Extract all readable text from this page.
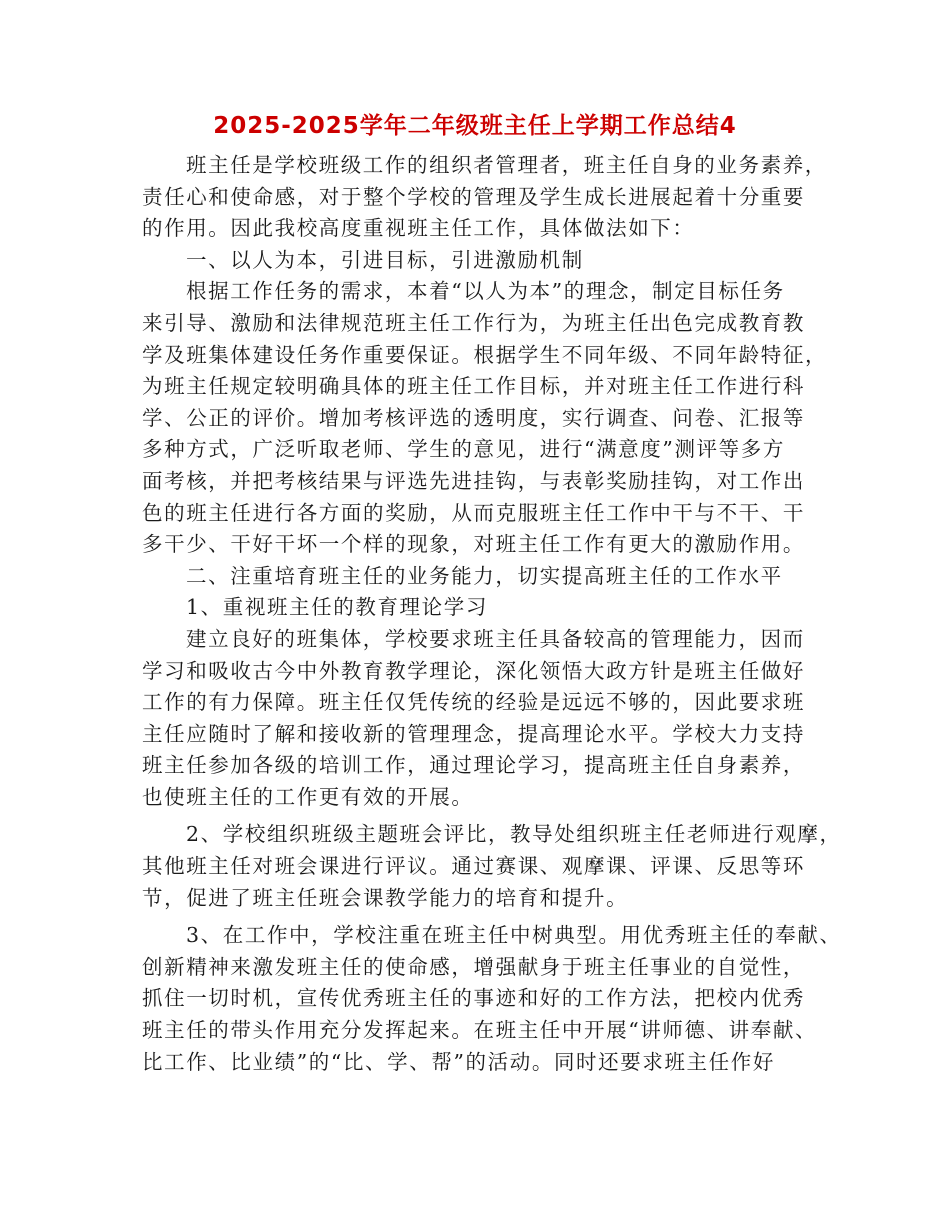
2025-2025学年二年级班主任上学期工作总结4
班主任是学校班级工作的组织者管理者，班主任自身的业务素养，
责任心和使命感，对于整个学校的管理及学生成长进展起着十分重要
的作用。因此我校高度重视班主任工作，具体做法如下：
一、以人为本，引进目标，引进激励机制
根据工作任务的需求，本着“以人为本”的理念，制定目标任务
来引导、激励和法律规范班主任工作行为，为班主任出色完成教育教
学及班集体建设任务作重要保证。根据学生不同年级、不同年龄特征，
为班主任规定较明确具体的班主任工作目标，并对班主任工作进行科
学、公正的评价。增加考核评选的透明度，实行调查、问卷、汇报等
多种方式，广泛听取老师、学生的意见，进行“满意度”测评等多方
面考核，并把考核结果与评选先进挂钩，与表彰奖励挂钩，对工作出
色的班主任进行各方面的奖励，从而克服班主任工作中干与不干、干
多干少、干好干坏一个样的现象，对班主任工作有更大的激励作用。
二、注重培育班主任的业务能力，切实提高班主任的工作水平
1、重视班主任的教育理论学习
建立良好的班集体，学校要求班主任具备较高的管理能力，因而
学习和吸收古今中外教育教学理论，深化领悟大政方针是班主任做好
工作的有力保障。班主任仅凭传统的经验是远远不够的，因此要求班
主任应随时了解和接收新的管理理念，提高理论水平。学校大力支持
班主任参加各级的培训工作，通过理论学习，提高班主任自身素养，
也使班主任的工作更有效的开展。
2、学校组织班级主题班会评比，教导处组织班主任老师进行观摩，
其他班主任对班会课进行评议。通过赛课、观摩课、评课、反思等环
节，促进了班主任班会课教学能力的培育和提升。
3、在工作中，学校注重在班主任中树典型。用优秀班主任的奉献、
创新精神来激发班主任的使命感，增强献身于班主任事业的自觉性，
抓住一切时机，宣传优秀班主任的事迹和好的工作方法，把校内优秀
班主任的带头作用充分发挥起来。在班主任中开展“讲师德、讲奉献、
比工作、比业绩”的“比、学、帮”的活动。同时还要求班主任作好
